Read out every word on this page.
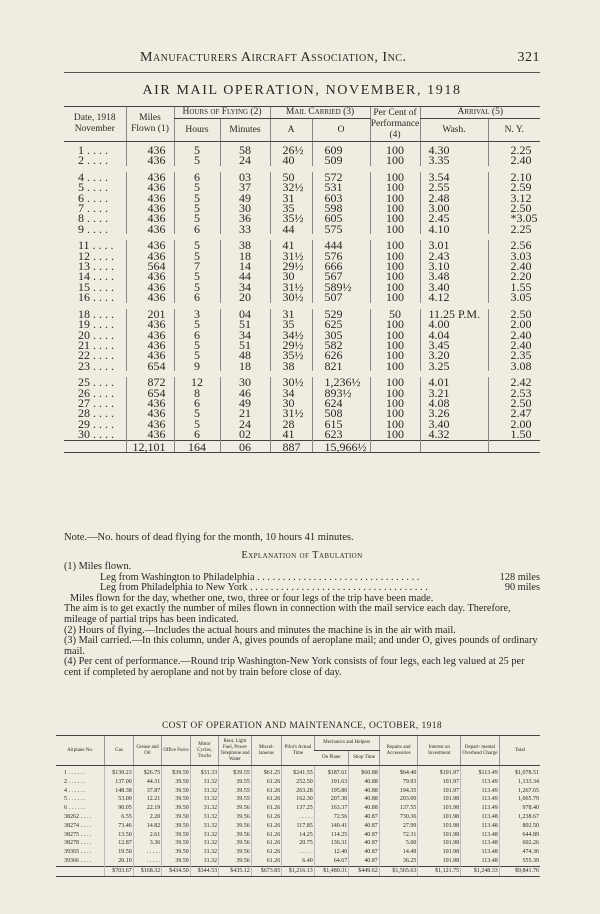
Manufacturers Aircraft Association, Inc.	321
AIR MAIL OPERATION, NOVEMBER, 1918
Date, 1918 November	Miles Flown (1)	Hours of Flying (2)		Mail Carried (3)		Per Cent of Performance (4)	Arrival (5)	
		Hours	Minutes	A	O		Wash.	N. Y.
1 . . . .	436	5	58	26½	609	100	4.30	2.25
2 . . . .	436	5	24	40	509	100	3.35	2.40

4 . . . .	436	6	03	50	572	100	3.54	2.10
5 . . . .	436	5	37	32½	531	100	2.55	2.59
6 . . . .	436	5	49	31	603	100	2.48	3.12
7 . . . .	436	5	30	35	598	100	3.00	2.50
8 . . . .	436	5	36	35½	605	100	2.45	*3.05
9 . . . .	436	6	33	44	575	100	4.10	2.25

11 . . . .	436	5	38	41	444	100	3.01	2.56
12 . . . .	436	5	18	31½	576	100	2.43	3.03
13 . . . .	564	7	14	29½	666	100	3.10	2.40
14 . . . .	436	5	44	30	567	100	3.48	2.20
15 . . . .	436	5	34	31½	589½	100	3.40	1.55
16 . . . .	436	6	20	30½	507	100	4.12	3.05

18 . . . .	201	3	04	31	529	50	11.25 P.M.	2.50
19 . . . .	436	5	51	35	625	100	4.00	2.00
20 . . . .	436	6	34	34½	305	100	4.04	2.40
21 . . . .	436	5	51	29½	582	100	3.45	2.40
22 . . . .	436	5	48	35½	626	100	3.20	2.35
23 . . . .	654	9	18	38	821	100	3.25	3.08

25 . . . .	872	12	30	30½	1,236½	100	4.01	2.42
26 . . . .	654	8	46	34	893½	100	3.21	2.53
27 . . . .	436	6	49	30	624	100	4.08	2.50
28 . . . .	436	5	21	31½	508	100	3.26	2.47
29 . . . .	436	5	24	28	615	100	3.40	2.00
30 . . . .	436	6	02	41	623	100	4.32	1.50
	12,101	164	06	887	15,966½			
Note.—No. hours of dead flying for the month, 10 hours 41 minutes.
Explanation of Tabulation

(1) Miles flown.

Leg from Washington to Philadelphia . . . . . . . . . . . . . . . . . . . . . . . . . . . . . . . .	128 miles

Leg from Philadelphia to New York . . . . . . . . . . . . . . . . . . . . . . . . . . . . . . . . . . .	90 miles

Miles flown for the day, whether one, two, three or four legs of the trip have been made.

The aim is to get exactly the number of miles flown in connection with the mail service each day. Therefore, mileage of partial trips has been indicated.

(2) Hours of flying.—Includes the actual hours and minutes the machine is in the air with mail.

(3) Mail carried.—In this column, under A, gives pounds of aeroplane mail; and under O, gives pounds of ordinary mail.

(4) Per cent of performance.—Round trip Washington-New York consists of four legs, each leg valued at 25 per cent if completed by aeroplane and not by train before close of day.

COST OF OPERATION AND MAINTENANCE, OCTOBER, 1918
Airplane No.	Gas	Grease and Oil	Office Force	Motor Cycles, Trucks	Rent, Light Fuel, Power Telephone and Water	Miscel- laneous	Pilot's Actual Time	Mechanics and Helpers		Repairs and Accessories	Interest on Investment	Depart- mental Overhead Charge	Total
								On Plane	Shop Time				
1 . . . . . .	$130.23	$26.75	$39.50	$31.33	$39.55	$61.25	$241.55	$187.61	$60.88	$64.40	$101.97	$113.49	$1,078.51
2 . . . . . .	137.00	44.31	39.50	31.32	39.55	61.26	252.50	191.63	40.88	79.93	101.97	113.49	1,133.34
4 . . . . . .	148.38	37.87	39.50	31.32	39.55	61.26	263.28	195.80	40.88	194.35	101.97	113.49	1,267.65
5 . . . . . .	53.00	12.21	39.50	31.32	39.55	61.26	162.30	207.30	40.88	203.00	101.98	113.49	1,065.79
6 . . . . . .	90.05	22.19	39.50	31.32	39.56	61.26	137.25	163.37	40.88	137.55	101.98	113.49	978.40
38262 . . . .	6.55	2.20	39.50	31.32	39.56	61.26	. . . . .	72.56	40.87	730.36	101.98	113.48	1,238.67
38274 . . . .	73.46	14.82	39.50	31.32	39.56	61.26	117.85	140.41	40.87	27.99	101.98	113.48	802.50
38275 . . . .	13.50	2.61	39.50	31.32	39.56	61.26	14.25	114.25	40.87	72.31	101.98	113.48	644.89
38278 . . . .	12.87	3.36	39.50	31.32	39.56	61.26	20.75	136.31	40.87	5.00	101.98	113.48	602.26
39365 . . . .	19.50	. . . . .	39.50	31.32	39.56	61.26	. . . . .	12.40	40.87	14.49	101.98	113.48	474.36
39366 . . . .	20.10	. . . . .	39.50	31.32	39.56	61.26	6.40	64.67	40.87	36.25	101.98	113.48	555.39
	$703.67	$168.32	$434.50	$344.53	$435.12	$673.85	$1,216.13	$1,480.31	$449.62	$1,565.63	$1,121.75	$1,248.33	$9,841.76
